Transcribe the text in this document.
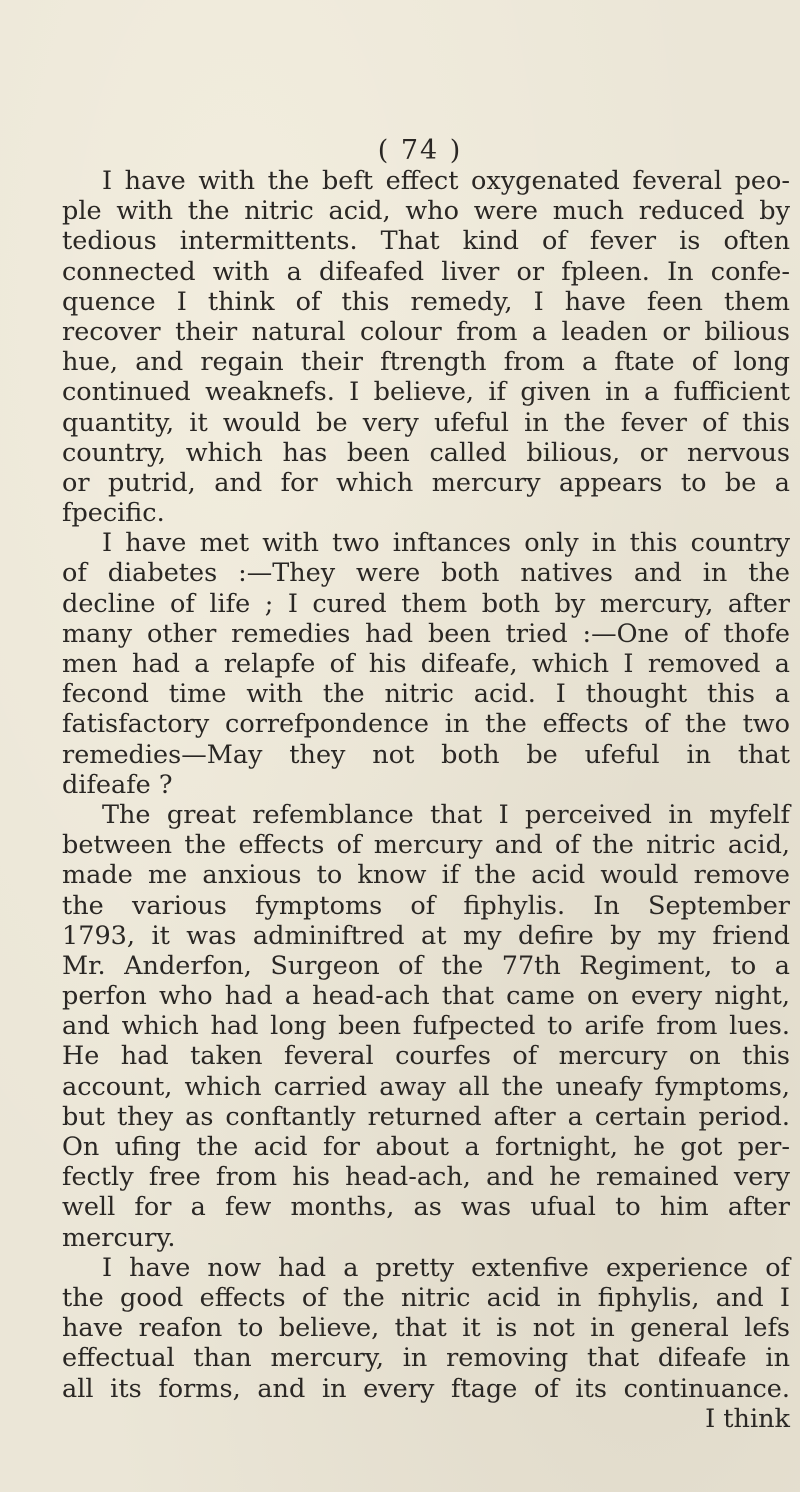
( 74 )
I have with the beft effect oxygenated feveral peo-
ple with the nitric acid, who were much reduced by
tedious intermittents. That kind of fever is often
connected with a difeafed liver or fpleen. In confe-
quence I think of this remedy, I have feen them
recover their natural colour from a leaden or bilious
hue, and regain their ftrength from a ftate of long
continued weaknefs. I believe, if given in a fufficient
quantity, it would be very ufeful in the fever of this
country, which has been called bilious, or nervous
or putrid, and for which mercury appears to be a
fpecific.
I have met with two inftances only in this country
of diabetes :—They were both natives and in the
decline of life ; I cured them both by mercury, after
many other remedies had been tried :—One of thofe
men had a relapfe of his difeafe, which I removed a
fecond time with the nitric acid. I thought this a
fatisfactory correfpondence in the effects of the two
remedies—May they not both be ufeful in that
difeafe ?
The great refemblance that I perceived in myfelf
between the effects of mercury and of the nitric acid,
made me anxious to know if the acid would remove
the various fymptoms of fiphylis. In September
1793, it was adminiftred at my defire by my friend
Mr. Anderfon, Surgeon of the 77th Regiment, to a
perfon who had a head-ach that came on every night,
and which had long been fufpected to arife from lues.
He had taken feveral courfes of mercury on this
account, which carried away all the uneafy fymptoms,
but they as conftantly returned after a certain period.
On ufing the acid for about a fortnight, he got per-
fectly free from his head-ach, and he remained very
well for a few months, as was ufual to him after
mercury.
I have now had a pretty extenfive experience of
the good effects of the nitric acid in fiphylis, and I
have reafon to believe, that it is not in general lefs
effectual than mercury, in removing that difeafe in
all its forms, and in every ftage of its continuance.
I think
